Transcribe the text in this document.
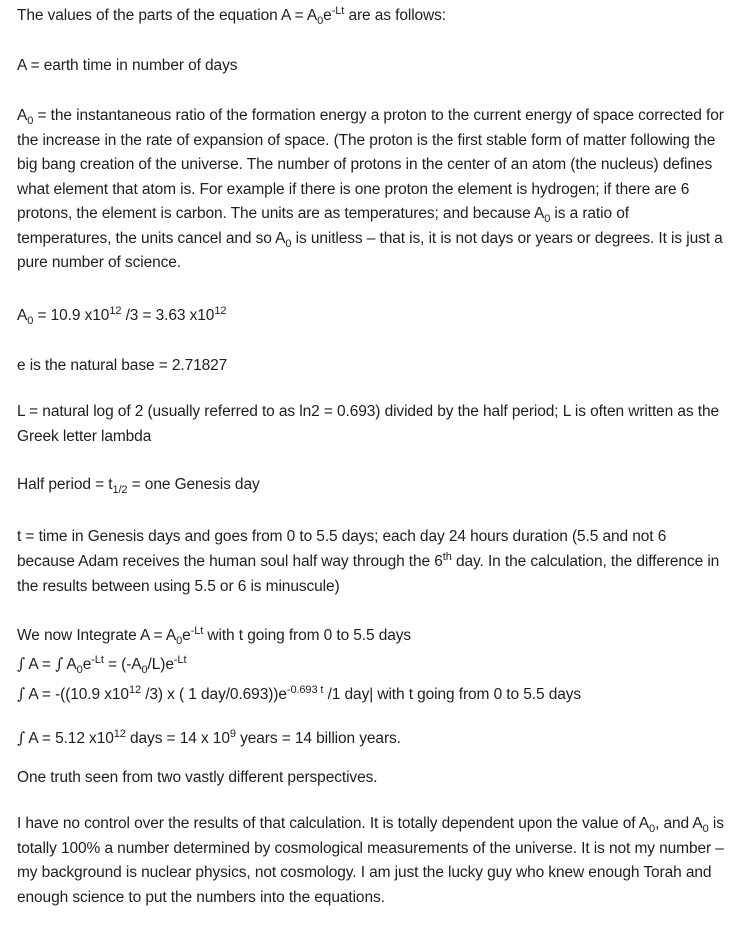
The values of the parts of the equation $A = A_0e^{-Lt}$ are as follows:

A = earth time in number of days

$A_0$ = the instantaneous ratio of the formation energy a proton to the current energy of space corrected for the increase in the rate of expansion of space. (The proton is the first stable form of matter following the big bang creation of the universe. The number of protons in the center of an atom (the nucleus) defines what element that atom is. For example if there is one proton the element is hydrogen; if there are 6 protons, the element is carbon. The units are as temperatures; and because $A_0$ is a ratio of temperatures, the units cancel and so $A_0$ is unitless – that is, it is not days or years or degrees. It is just a pure number of science.

$A_0 = 10.9$ $x10^{12}$ /3 = 3.63 $x10^{12}$

e is the natural base = 2.71827

L = natural log of 2 (usually referred to as ln2 = 0.693) divided by the half period; L is often written as the Greek letter lambda

Half period = $t_{1/2}$ = one Genesis day

t = time in Genesis days and goes from 0 to 5.5 days; each day 24 hours duration (5.5 and not 6 because Adam receives the human soul half way through the 6th day. In the calculation, the difference in the results between using 5.5 or 6 is minuscule)

We now Integrate $A = A_0e^{-Lt}$ with t going from 0 to 5.5 days

∫ A = ∫ $A_0e^{-Lt} = (-A_0/L)e^{-Lt}$

∫ A = -((10.9 $x10^{12}$ /3) x ( 1 day/$0.693))e^{-0.693 t}$ /1 day| with t going from 0 to 5.5 days

∫ A = 5.12 $x10^{12}$ days = 14 x $10^9$ years = 14 billion years.

One truth seen from two vastly different perspectives.

I have no control over the results of that calculation. It is totally dependent upon the value of $A_0$, and $A_0$ is totally 100% a number determined by cosmological measurements of the universe. It is not my number – my background is nuclear physics, not cosmology. I am just the lucky guy who knew enough Torah and enough science to put the numbers into the equations.
